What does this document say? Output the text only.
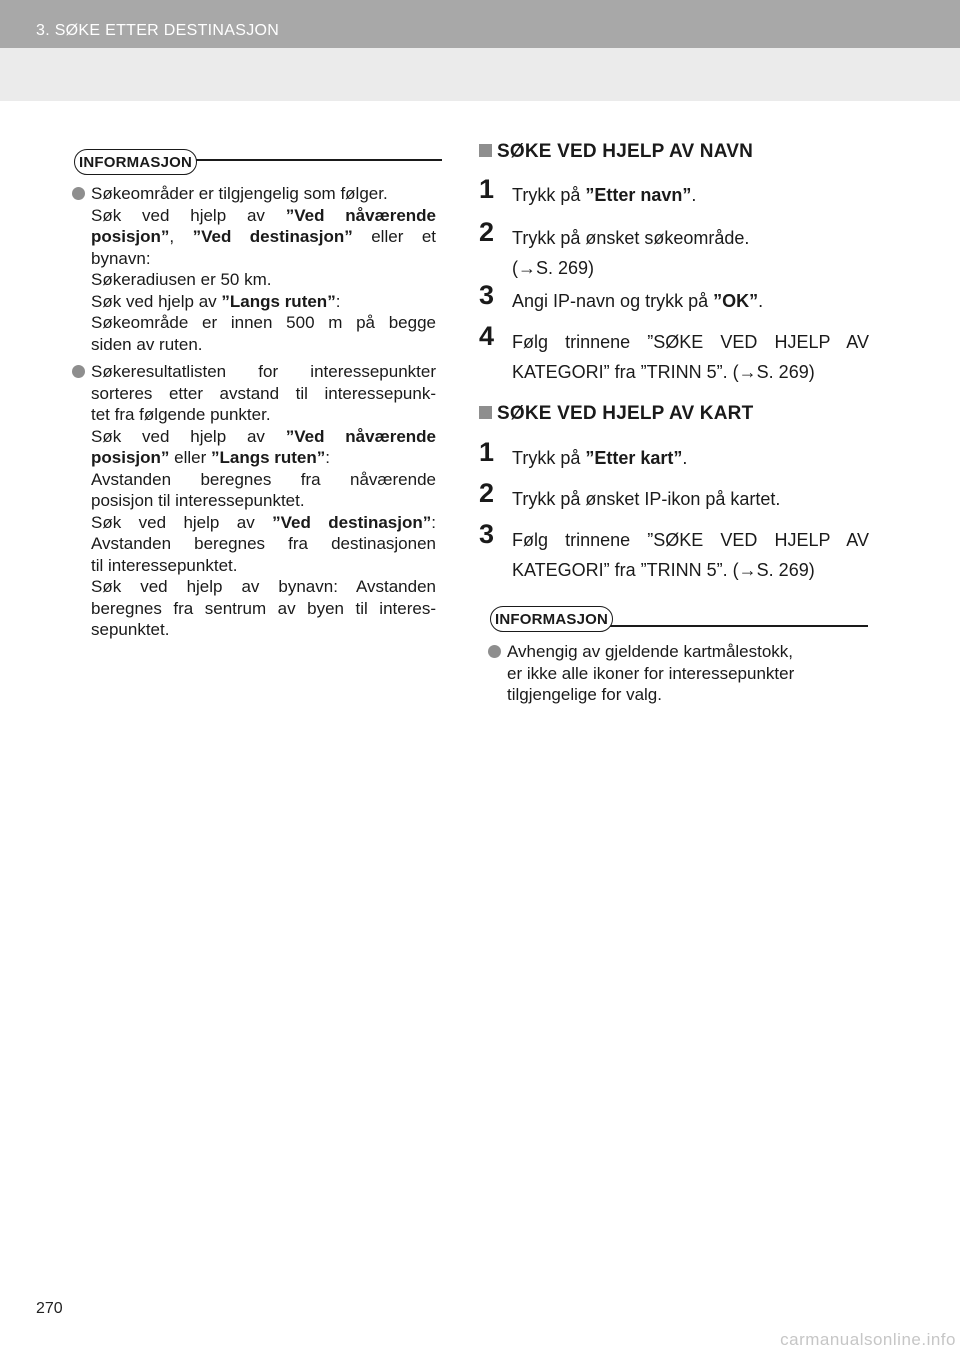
3. SØKE ETTER DESTINASJON
INFORMASJON
Søkeområder er tilgjengelig som følger.
Søk ved hjelp av ”Ved nåværende
posisjon”, ”Ved destinasjon” eller et
bynavn:
Søkeradiusen er 50 km.
Søk ved hjelp av ”Langs ruten”:
Søkeområde er innen 500 m på begge
siden av ruten.
Søkeresultatlisten for interessepunkter
sorteres etter avstand til interessepunk-
tet fra følgende punkter.
Søk ved hjelp av ”Ved nåværende
posisjon” eller ”Langs ruten”:
Avstanden beregnes fra nåværende
posisjon til interessepunktet.
Søk ved hjelp av ”Ved destinasjon”:
Avstanden beregnes fra destinasjonen
til interessepunktet.
Søk ved hjelp av bynavn: Avstanden
beregnes fra sentrum av byen til interes-
sepunktet.
SØKE VED HJELP AV NAVN
1 Trykk på ”Etter navn”.
2 Trykk på ønsket søkeområde.
(→S. 269)
3 Angi IP-navn og trykk på ”OK”.
4 Følg trinnene ”SØKE VED HJELP AV
KATEGORI” fra ”TRINN 5”. (→S. 269)
SØKE VED HJELP AV KART
1 Trykk på ”Etter kart”.
2 Trykk på ønsket IP-ikon på kartet.
3 Følg trinnene ”SØKE VED HJELP AV
KATEGORI” fra ”TRINN 5”. (→S. 269)
INFORMASJON
Avhengig av gjeldende kartmålestokk,
er ikke alle ikoner for interessepunkter
tilgjengelige for valg.
270
carmanualsonline.info
